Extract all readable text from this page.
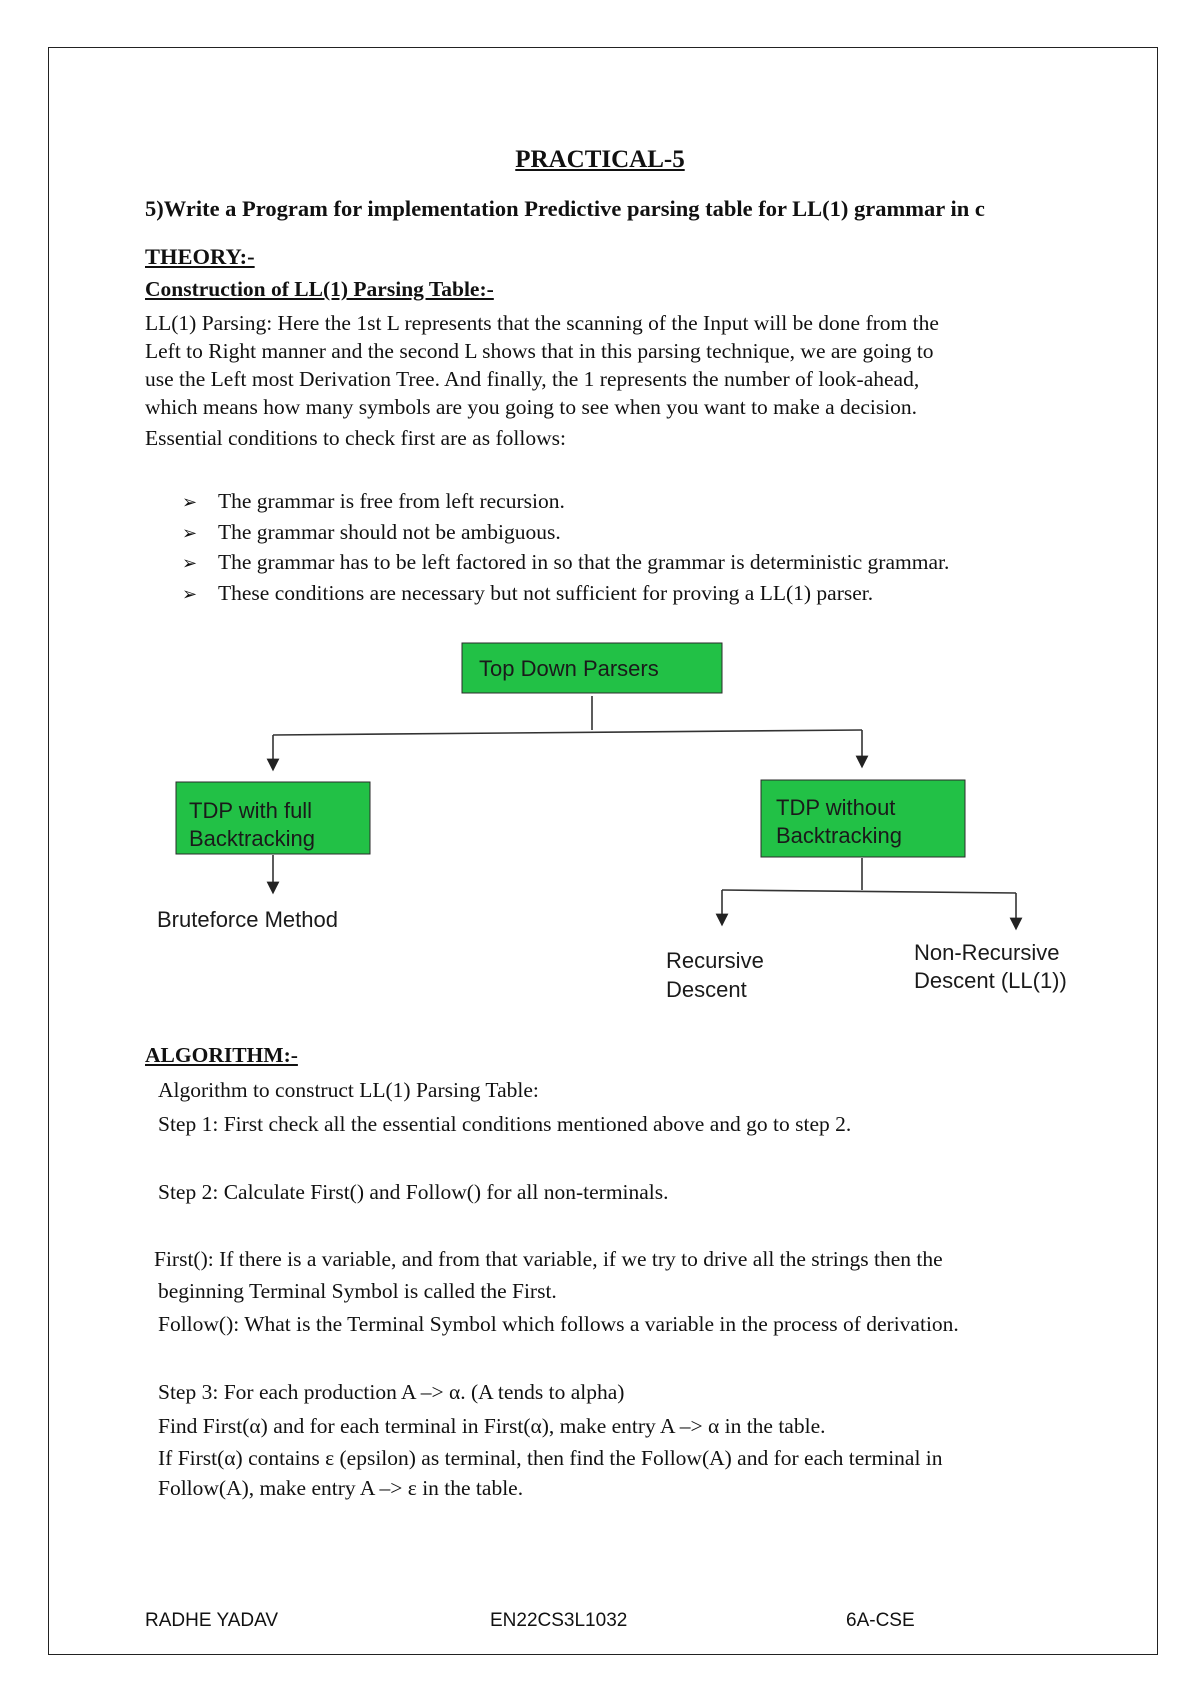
PRACTICAL-5
5)Write a Program for implementation Predictive parsing table for LL(1) grammar in c
THEORY:-
Construction of LL(1) Parsing Table:-

LL(1) Parsing: Here the 1st L represents that the scanning of the Input will be done from the

Left to Right manner and the second L shows that in this parsing technique, we are going to

use the Left most Derivation Tree. And finally, the 1 represents the number of look-ahead,

which means how many symbols are you going to see when you want to make a decision.

Essential conditions to check first are as follows:

➢ The grammar is free from left recursion.
➢ The grammar should not be ambiguous.
➢ The grammar has to be left factored in so that the grammar is deterministic grammar.
➢ These conditions are necessary but not sufficient for proving a LL(1) parser.
Top Down Parsers
TDP with full
Backtracking
TDP without
Backtracking
Bruteforce Method
Recursive
Descent
Non-Recursive
Descent (LL(1))
ALGORITHM:-
Algorithm to construct LL(1) Parsing Table:
Step 1: First check all the essential conditions mentioned above and go to step 2.
Step 2: Calculate First() and Follow() for all non-terminals.
First(): If there is a variable, and from that variable, if we try to drive all the strings then the
beginning Terminal Symbol is called the First.
Follow(): What is the Terminal Symbol which follows a variable in the process of derivation.
Step 3: For each production A –> α. (A tends to alpha)
Find First(α) and for each terminal in First(α), make entry A –> α in the table.
If First(α) contains ε (epsilon) as terminal, then find the Follow(A) and for each terminal in
Follow(A), make entry A –> ε in the table.
RADHE YADAV	EN22CS3L1032	6A-CSE
